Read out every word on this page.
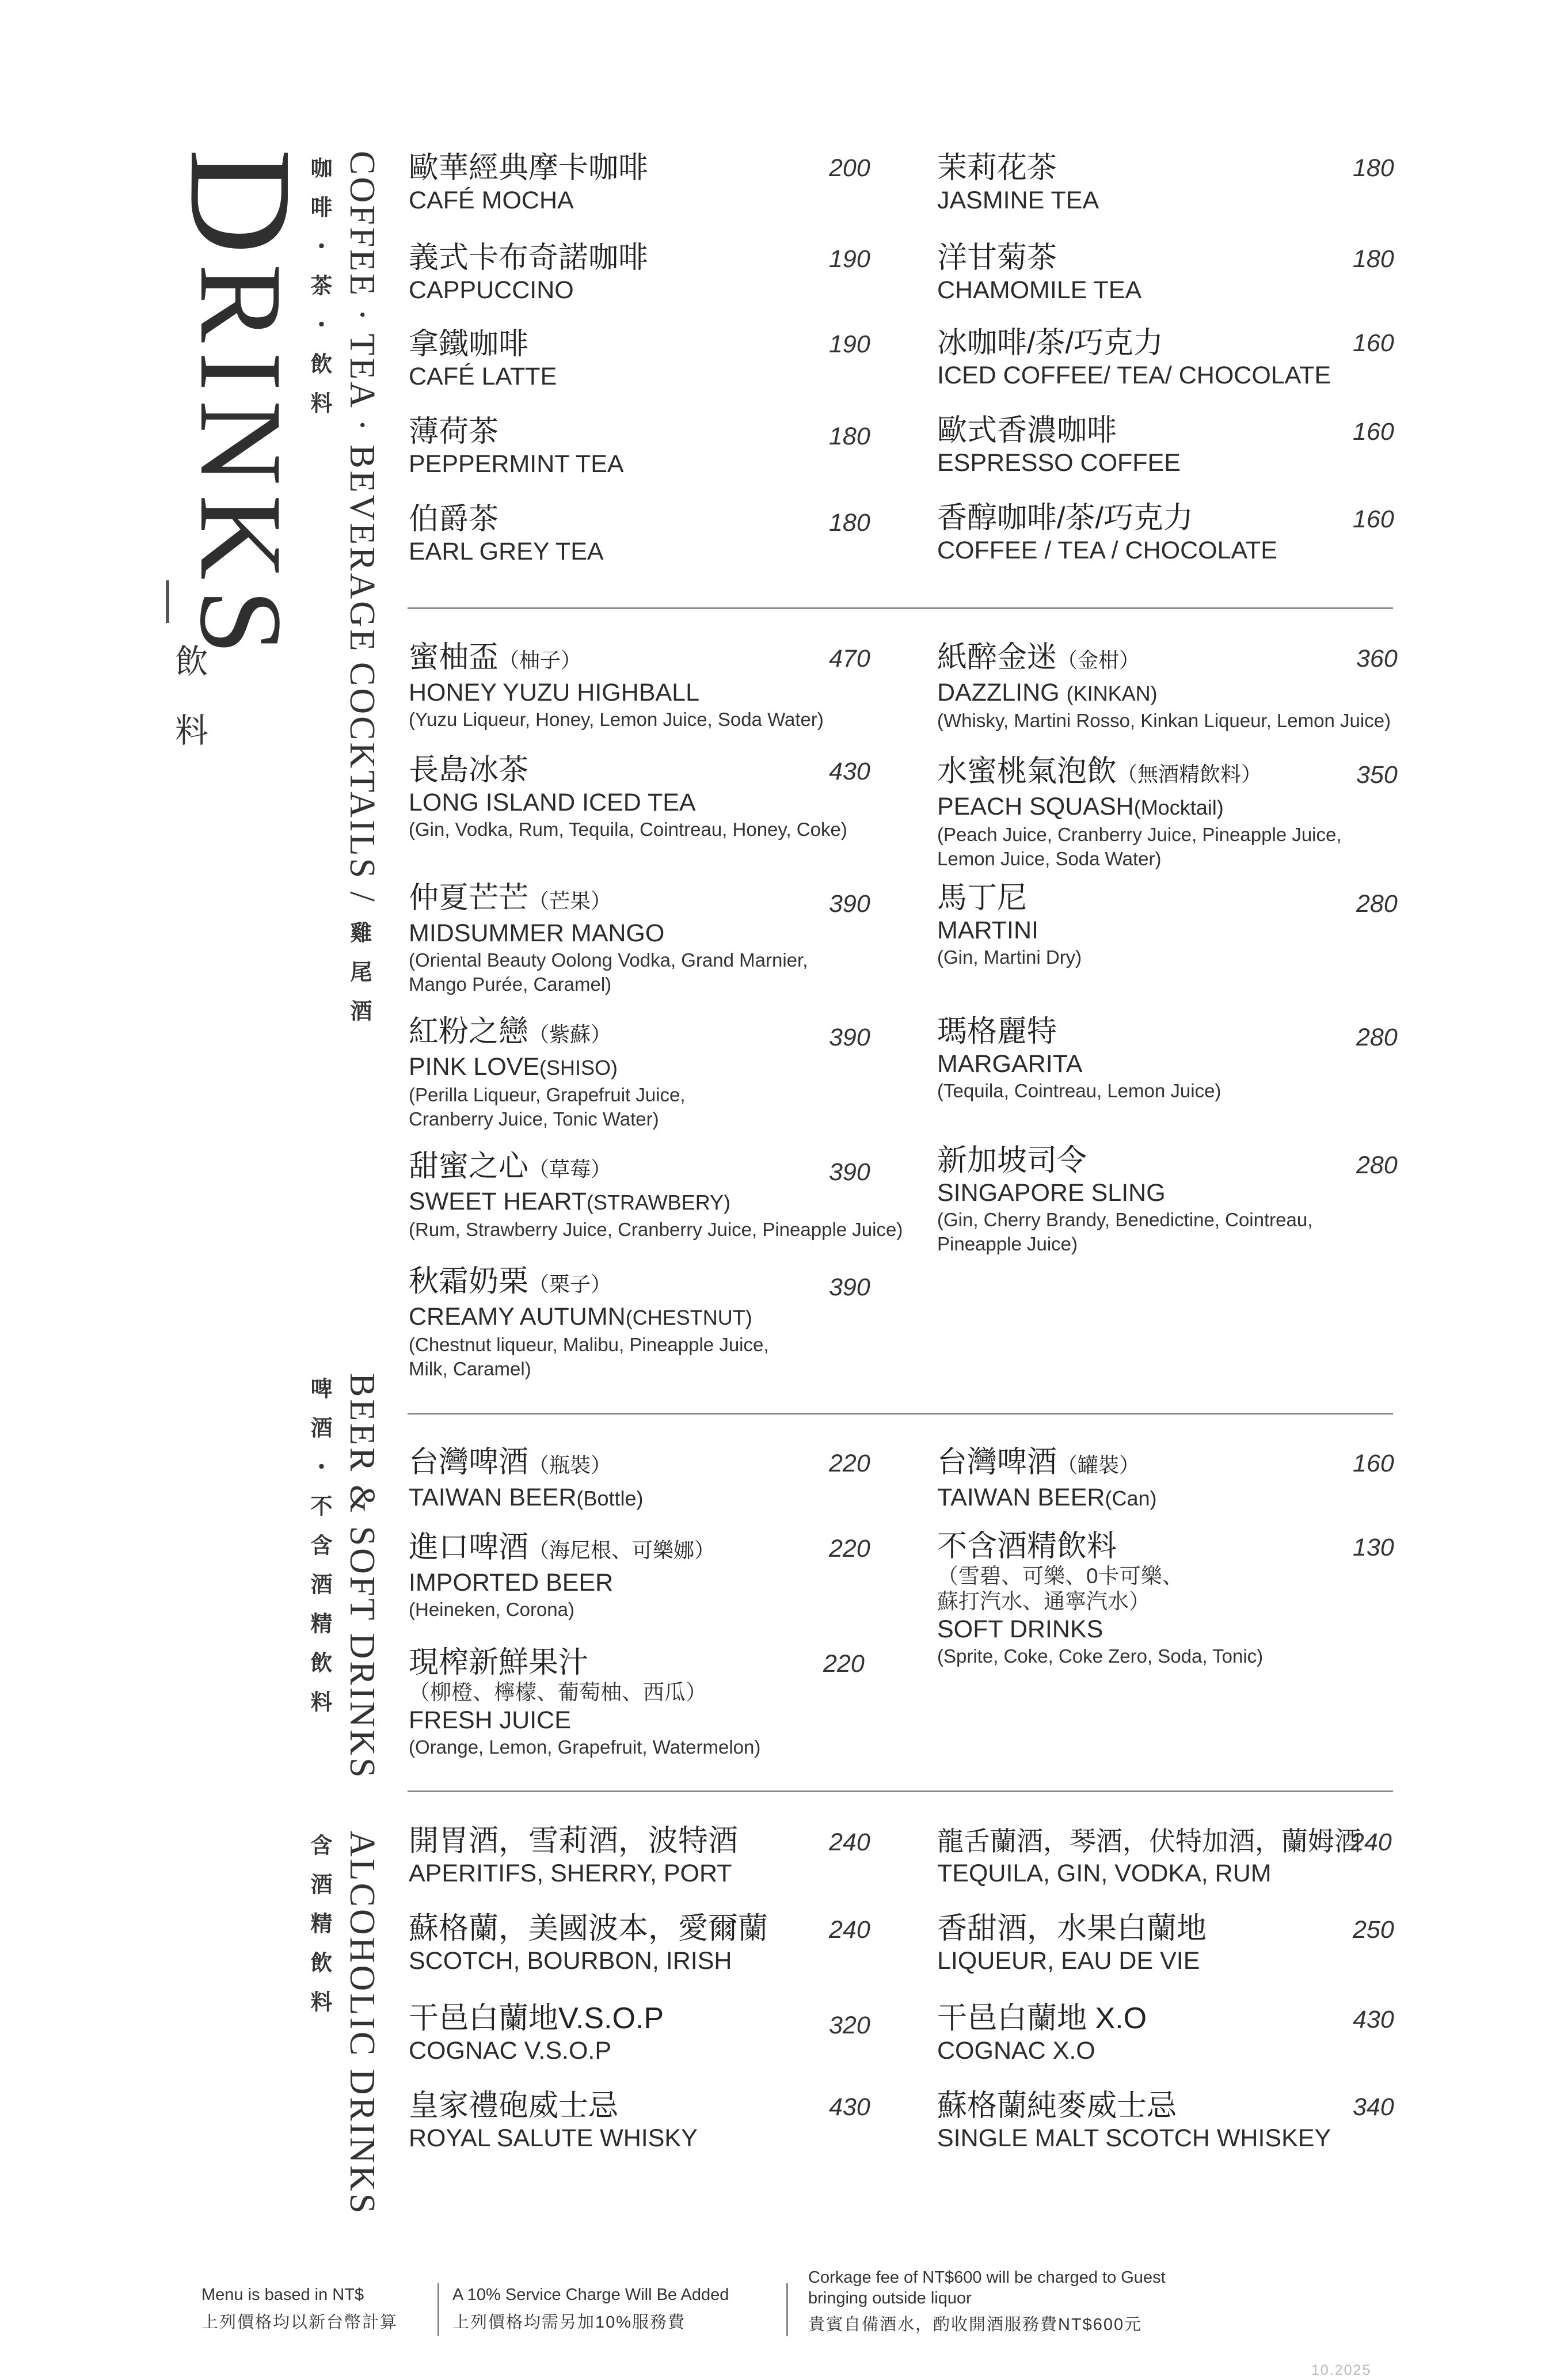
DRINKS
飲料
咖啡・茶・飲料 COFFEE · TEA · BEVERAGE
COCKTAILS /
雞尾酒
啤酒・不含酒精飲料 BEER & SOFT DRINKS
含酒精飲料 ALCOHOLIC DRINKS
歐華經典摩卡咖啡
CAFÉ MOCHA
200
義式卡布奇諾咖啡
CAPPUCCINO
190
拿鐵咖啡
CAFÉ LATTE
190
薄荷茶
PEPPERMINT TEA
180
伯爵茶
EARL GREY TEA
180
茉莉花茶
JASMINE TEA
180
洋甘菊茶
CHAMOMILE TEA
180
冰咖啡/茶/巧克力
ICED COFFEE/ TEA/ CHOCOLATE
160
歐式香濃咖啡
ESPRESSO COFFEE
160
香醇咖啡/茶/巧克力
COFFEE / TEA / CHOCOLATE
160
蜜柚盃（柚子）
HONEY YUZU HIGHBALL
(Yuzu Liqueur, Honey, Lemon Juice, Soda Water)
470
長島冰茶
LONG ISLAND ICED TEA
(Gin, Vodka, Rum, Tequila, Cointreau, Honey, Coke)
430
仲夏芒芒（芒果）
MIDSUMMER MANGO
(Oriental Beauty Oolong Vodka, Grand Marnier,
Mango Purée, Caramel)
390
紅粉之戀（紫蘇）
PINK LOVE(SHISO)
(Perilla Liqueur, Grapefruit Juice,
Cranberry Juice, Tonic Water)
390
甜蜜之心（草莓）
SWEET HEART(STRAWBERY)
(Rum, Strawberry Juice, Cranberry Juice, Pineapple Juice)
390
秋霜奶栗（栗子）
CREAMY AUTUMN(CHESTNUT)
(Chestnut liqueur, Malibu, Pineapple Juice,
Milk, Caramel)
390
紙醉金迷（金柑）
DAZZLING (KINKAN)
(Whisky, Martini Rosso, Kinkan Liqueur, Lemon Juice)
360
水蜜桃氣泡飲（無酒精飲料）
PEACH SQUASH(Mocktail)
(Peach Juice, Cranberry Juice, Pineapple Juice,
Lemon Juice, Soda Water)
350
馬丁尼
MARTINI
(Gin, Martini Dry)
280
瑪格麗特
MARGARITA
(Tequila, Cointreau, Lemon Juice)
280
新加坡司令
SINGAPORE SLING
(Gin, Cherry Brandy, Benedictine, Cointreau,
Pineapple Juice)
280
台灣啤酒（瓶裝）
TAIWAN BEER(Bottle)
220
進口啤酒（海尼根、可樂娜）
IMPORTED BEER
(Heineken, Corona)
220
現榨新鮮果汁
（柳橙、檸檬、葡萄柚、西瓜）
FRESH JUICE
(Orange, Lemon, Grapefruit, Watermelon)
220
台灣啤酒（罐裝）
TAIWAN BEER(Can)
160
不含酒精飲料
（雪碧、可樂、0卡可樂、
蘇打汽水、通寧汽水）
SOFT DRINKS
(Sprite, Coke, Coke Zero, Soda, Tonic)
130
開胃酒，雪莉酒，波特酒
APERITIFS, SHERRY, PORT
240
蘇格蘭，美國波本，愛爾蘭
SCOTCH, BOURBON, IRISH
240
干邑白蘭地V.S.O.P
COGNAC V.S.O.P
320
皇家禮砲威士忌
ROYAL SALUTE WHISKY
430
龍舌蘭酒，琴酒，伏特加酒，蘭姆酒
TEQUILA, GIN, VODKA, RUM
240
香甜酒，水果白蘭地
LIQUEUR, EAU DE VIE
250
干邑白蘭地 X.O
COGNAC X.O
430
蘇格蘭純麥威士忌
SINGLE MALT SCOTCH WHISKEY
340
Menu is based in NT$
上列價格均以新台幣計算
A 10% Service Charge Will Be Added
上列價格均需另加10%服務費
Corkage fee of NT$600 will be charged to Guest
bringing outside liquor
貴賓自備酒水，酌收開酒服務費NT$600元
10.2025
